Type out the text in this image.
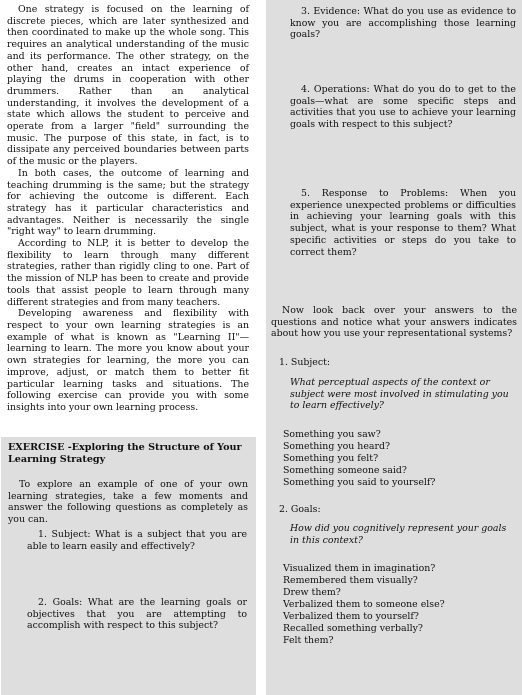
One strategy is focused on the learning of discrete pieces, which are later synthesized and then coordinated to make up the whole song. This requires an analytical understanding of the music and its performance. The other strategy, on the other hand, creates an intact experience of playing the drums in cooperation with other drummers. Rather than an analytical understanding, it involves the development of a state which allows the student to perceive and operate from a larger "field" surrounding the music. The purpose of this state, in fact, is to dissipate any perceived boundaries between parts of the music or the players.

In both cases, the outcome of learning and teaching drumming is the same; but the strategy for achieving the outcome is different. Each strategy has it particular characteristics and advantages. Neither is necessarily the single "right way" to learn drumming.

According to NLP, it is better to develop the flexibility to learn through many different strategies, rather than rigidly cling to one. Part of the mission of NLP has been to create and provide tools that assist people to learn through many different strategies and from many teachers.

Developing awareness and flexibility with respect to your own learning strategies is an example of what is known as "Learning II"—learning to learn. The more you know about your own strategies for learning, the more you can improve, adjust, or match them to better fit particular learning tasks and situations. The following exercise can provide you with some insights into your own learning process.

EXERCISE -Exploring the Structure of Your Learning Strategy

To explore an example of one of your own learning strategies, take a few moments and answer the following questions as completely as you can.

1. Subject: What is a subject that you are able to learn easily and effectively?

2. Goals: What are the learning goals or objectives that you are attempting to accomplish with respect to this subject?

3. Evidence: What do you use as evidence to know you are accomplishing those learning goals?

4. Operations: What do you do to get to the goals—what are some specific steps and activities that you use to achieve your learning goals with respect to this subject?

5. Response to Problems: When you experience unexpected problems or difficulties in achieving your learning goals with this subject, what is your response to them? What specific activities or steps do you take to correct them?

Now look back over your answers to the questions and notice what your answers indicates about how you use your representational systems?

1. Subject:
What perceptual aspects of the context or subject were most involved in stimulating you to learn effectively?

Something you saw?

Something you heard?

Something you felt?

Something someone said?

Something you said to yourself?

2. Goals:
How did you cognitively represent your goals in this context?

Visualized them in imagination?

Remembered them visually?

Drew them?

Verbalized them to someone else?

Verbalized them to yourself?

Recalled something verbally?

Felt them?
